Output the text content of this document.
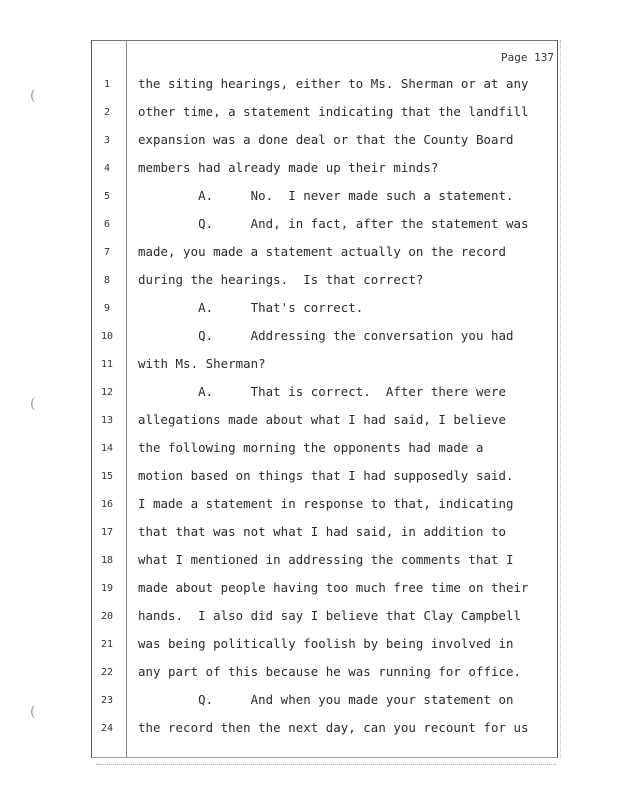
Page 137
1	the siting hearings, either to Ms. Sherman or at any
2	other time, a statement indicating that the landfill
3	expansion was a done deal or that the County Board
4	members had already made up their minds?
5	A.     No.  I never made such a statement.
6	Q.     And, in fact, after the statement was
7	made, you made a statement actually on the record
8	during the hearings.  Is that correct?
9	A.     That's correct.
10	Q.     Addressing the conversation you had
11	with Ms. Sherman?
12	A.     That is correct.  After there were
13	allegations made about what I had said, I believe
14	the following morning the opponents had made a
15	motion based on things that I had supposedly said.
16	I made a statement in response to that, indicating
17	that that was not what I had said, in addition to
18	what I mentioned in addressing the comments that I
19	made about people having too much free time on their
20	hands.  I also did say I believe that Clay Campbell
21	was being politically foolish by being involved in
22	any part of this because he was running for office.
23	Q.     And when you made your statement on
24	the record then the next day, can you recount for us
(
(
(
